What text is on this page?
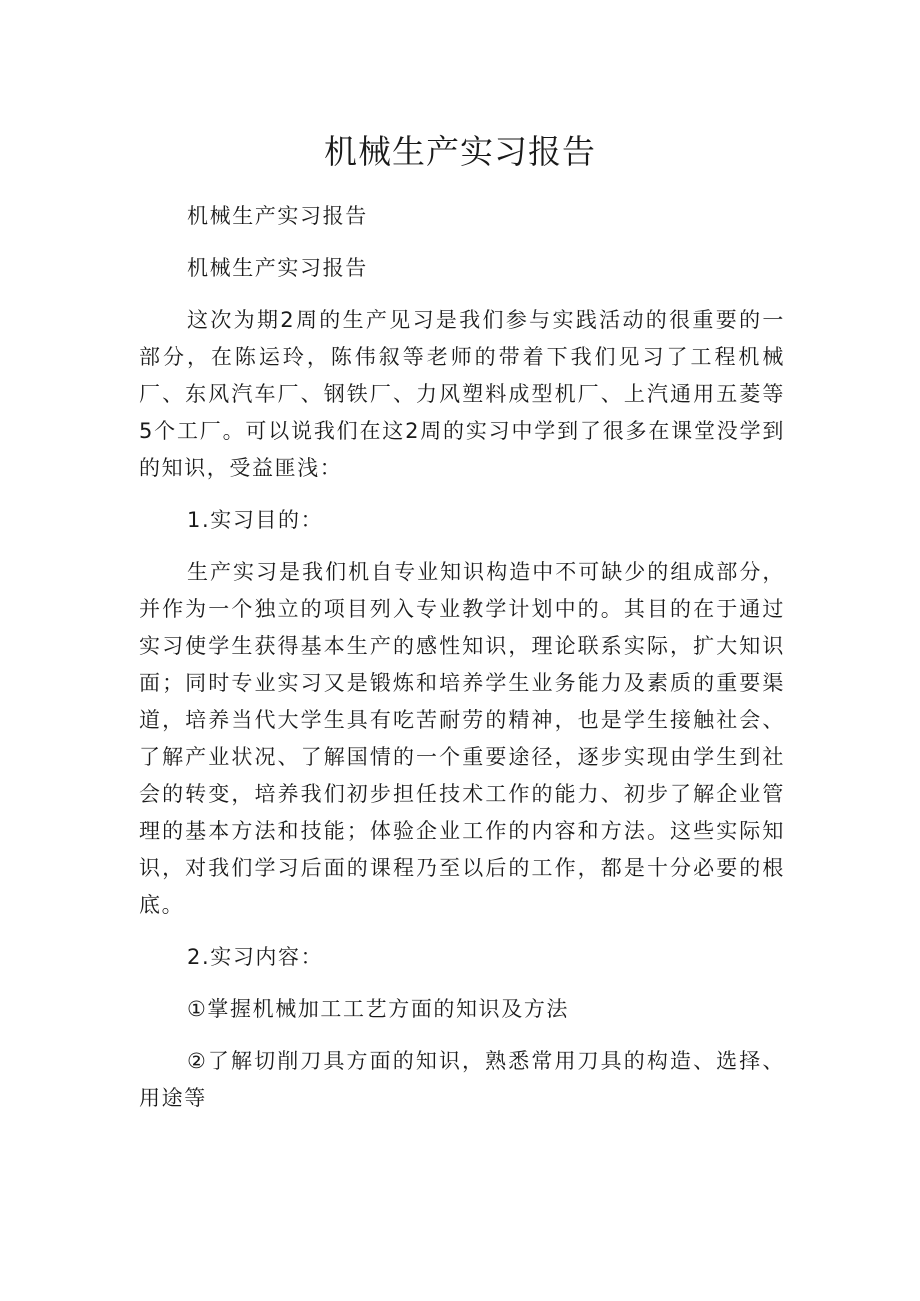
机械生产实习报告

机械生产实习报告

机械生产实习报告

这次为期2周的生产见习是我们参与实践活动的很重要的一部分，在陈运玲，陈伟叙等老师的带着下我们见习了工程机械厂、东风汽车厂、钢铁厂、力风塑料成型机厂、上汽通用五菱等5个工厂。可以说我们在这2周的实习中学到了很多在课堂没学到的知识，受益匪浅：

1.实习目的：

生产实习是我们机自专业知识构造中不可缺少的组成部分，并作为一个独立的项目列入专业教学计划中的。其目的在于通过实习使学生获得基本生产的感性知识，理论联系实际，扩大知识面；同时专业实习又是锻炼和培养学生业务能力及素质的重要渠道，培养当代大学生具有吃苦耐劳的精神，也是学生接触社会、了解产业状况、了解国情的一个重要途径，逐步实现由学生到社会的转变，培养我们初步担任技术工作的能力、初步了解企业管理的基本方法和技能；体验企业工作的内容和方法。这些实际知识，对我们学习后面的课程乃至以后的工作，都是十分必要的根底。

2.实习内容：

①掌握机械加工工艺方面的知识及方法

②了解切削刀具方面的知识，熟悉常用刀具的构造、选择、用途等
